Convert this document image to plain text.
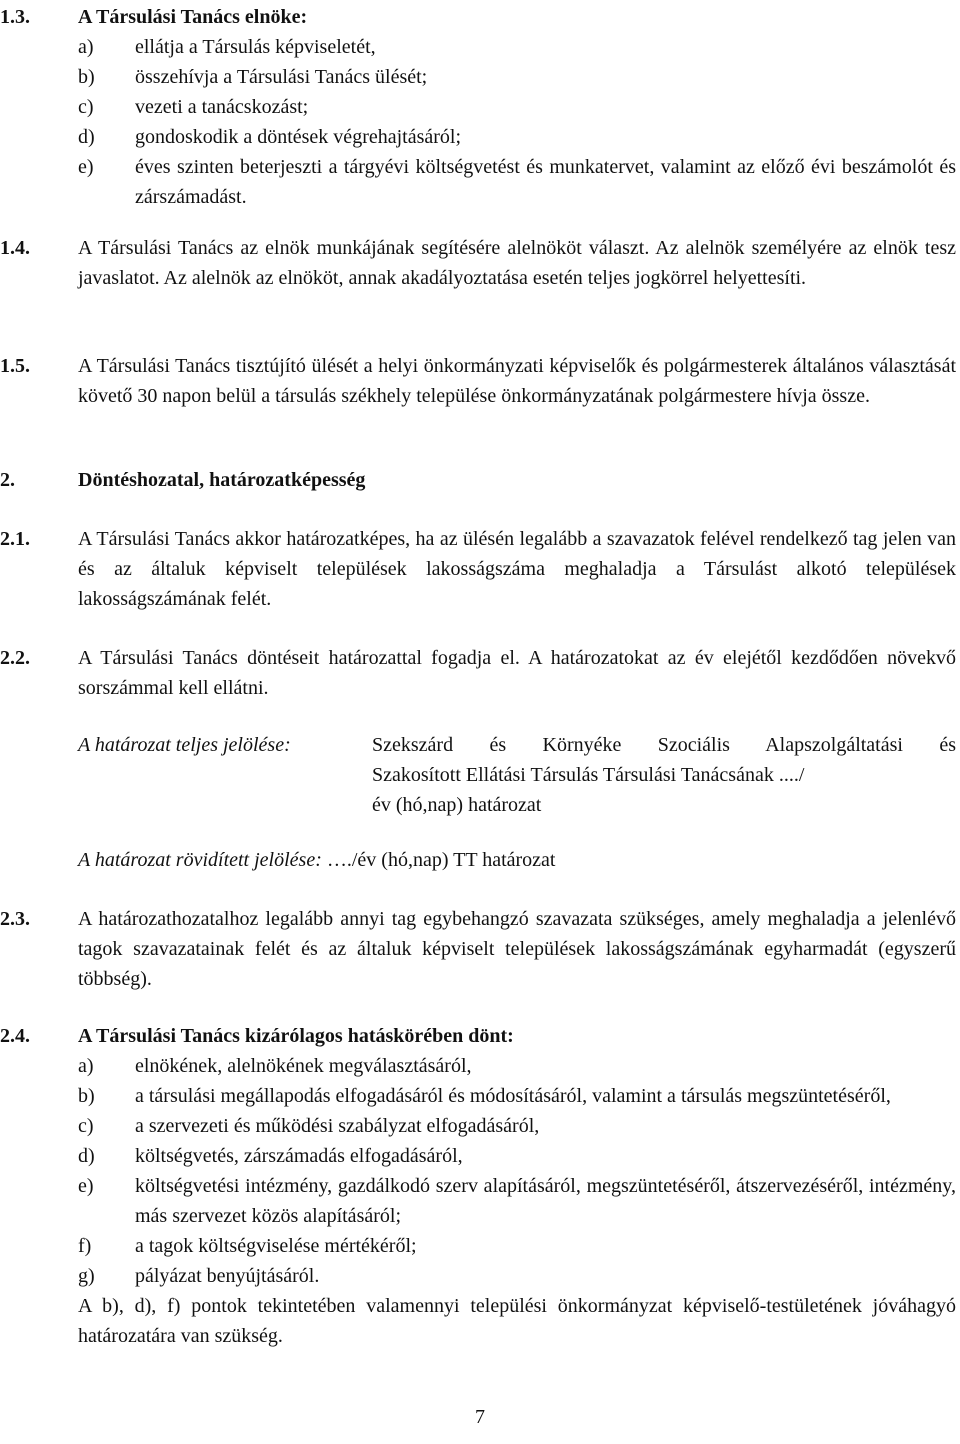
1.3.	A Társulási Tanács elnöke:
a) ellátja a Társulás képviseletét,
b) összehívja a Társulási Tanács ülését;
c) vezeti a tanácskozást;
d) gondoskodik a döntések végrehajtásáról;
e) éves szinten beterjeszti a tárgyévi költségvetést és munkatervet, valamint az előző évi beszámolót és zárszámadást.
1.4.	A Társulási Tanács az elnök munkájának segítésére alelnököt választ. Az alelnök személyére az elnök tesz javaslatot. Az alelnök az elnököt, annak akadályoztatása esetén teljes jogkörrel helyettesíti.
1.5.	A Társulási Tanács tisztújító ülését a helyi önkormányzati képviselők és polgármesterek általános választását követő 30 napon belül a társulás székhely települése önkormányzatának polgármestere hívja össze.
2.	Döntéshozatal, határozatképesség
2.1.	A Társulási Tanács akkor határozatképes, ha az ülésén legalább a szavazatok felével rendelkező tag jelen van és az általuk képviselt települések lakosságszáma meghaladja a Társulást alkotó települések lakosságszámának felét.
2.2.	A Társulási Tanács döntéseit határozattal fogadja el. A határozatokat az év elejétől kezdődően növekvő sorszámmal kell ellátni.
A határozat teljes jelölése:	Szekszárd és Környéke Szociális Alapszolgáltatási és
Szakosított Ellátási Társulás Társulási Tanácsának ..../
év (hó,nap) határozat
A határozat rövidített jelölése: …./év (hó,nap) TT határozat
2.3.	A határozathozatalhoz legalább annyi tag egybehangzó szavazata szükséges, amely meghaladja a jelenlévő tagok szavazatainak felét és az általuk képviselt települések lakosságszámának egyharmadát (egyszerű többség).
2.4.	A Társulási Tanács kizárólagos hatáskörében dönt:
a) elnökének, alelnökének megválasztásáról,
b) a társulási megállapodás elfogadásáról és módosításáról, valamint a társulás megszüntetéséről,
c) a szervezeti és működési szabályzat elfogadásáról,
d) költségvetés, zárszámadás elfogadásáról,
e) költségvetési intézmény, gazdálkodó szerv alapításáról, megszüntetéséről, átszervezéséről, intézmény, más szervezet közös alapításáról;
f) a tagok költségviselése mértékéről;
g) pályázat benyújtásáról.
A b), d), f) pontok tekintetében valamennyi települési önkormányzat képviselő-testületének jóváhagyó határozatára van szükség.
7
